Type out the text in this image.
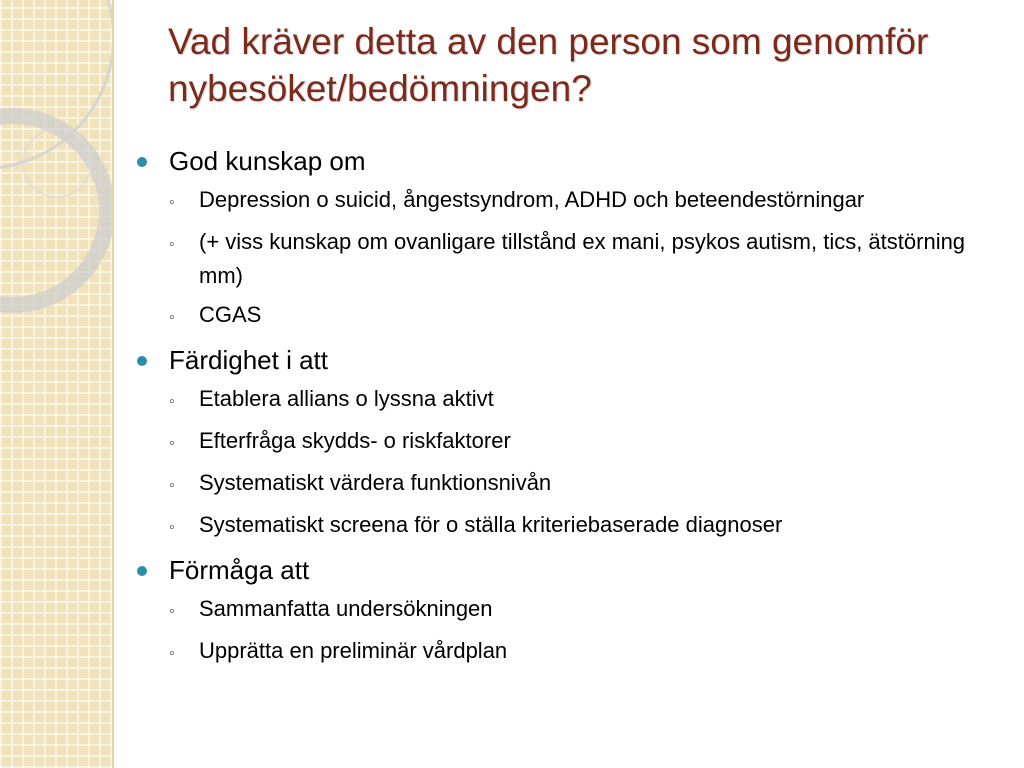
Vad kräver detta av den person som genomför nybesöket/bedömningen?
God kunskap om
◦	Depression o suicid, ångestsyndrom, ADHD och beteendestörningar
◦	(+ viss kunskap om ovanligare tillstånd ex mani, psykos autism, tics, ätstörning mm)
◦	CGAS
Färdighet i att
◦	Etablera allians o lyssna aktivt
◦	Efterfråga skydds- o riskfaktorer
◦	Systematiskt värdera funktionsnivån
◦	Systematiskt screena för o ställa kriteriebaserade diagnoser
Förmåga att
◦	Sammanfatta undersökningen
◦	Upprätta en preliminär vårdplan
